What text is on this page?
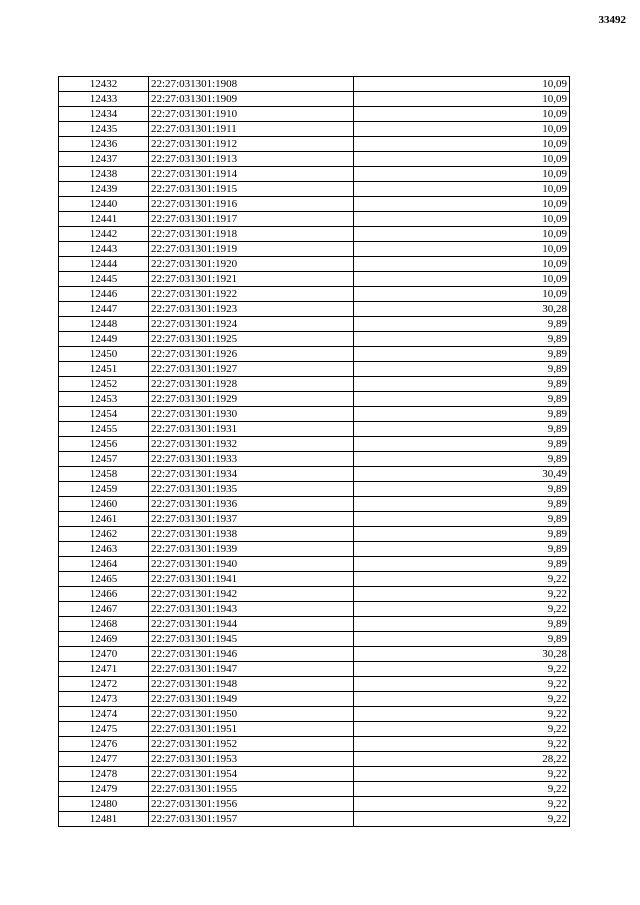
33492
12432	22:27:031301:1908	10,09
12433	22:27:031301:1909	10,09
12434	22:27:031301:1910	10,09
12435	22:27:031301:1911	10,09
12436	22:27:031301:1912	10,09
12437	22:27:031301:1913	10,09
12438	22:27:031301:1914	10,09
12439	22:27:031301:1915	10,09
12440	22:27:031301:1916	10,09
12441	22:27:031301:1917	10,09
12442	22:27:031301:1918	10,09
12443	22:27:031301:1919	10,09
12444	22:27:031301:1920	10,09
12445	22:27:031301:1921	10,09
12446	22:27:031301:1922	10,09
12447	22:27:031301:1923	30,28
12448	22:27:031301:1924	9,89
12449	22:27:031301:1925	9,89
12450	22:27:031301:1926	9,89
12451	22:27:031301:1927	9,89
12452	22:27:031301:1928	9,89
12453	22:27:031301:1929	9,89
12454	22:27:031301:1930	9,89
12455	22:27:031301:1931	9,89
12456	22:27:031301:1932	9,89
12457	22:27:031301:1933	9,89
12458	22:27:031301:1934	30,49
12459	22:27:031301:1935	9,89
12460	22:27:031301:1936	9,89
12461	22:27:031301:1937	9,89
12462	22:27:031301:1938	9,89
12463	22:27:031301:1939	9,89
12464	22:27:031301:1940	9,89
12465	22:27:031301:1941	9,22
12466	22:27:031301:1942	9,22
12467	22:27:031301:1943	9,22
12468	22:27:031301:1944	9,89
12469	22:27:031301:1945	9,89
12470	22:27:031301:1946	30,28
12471	22:27:031301:1947	9,22
12472	22:27:031301:1948	9,22
12473	22:27:031301:1949	9,22
12474	22:27:031301:1950	9,22
12475	22:27:031301:1951	9,22
12476	22:27:031301:1952	9,22
12477	22:27:031301:1953	28,22
12478	22:27:031301:1954	9,22
12479	22:27:031301:1955	9,22
12480	22:27:031301:1956	9,22
12481	22:27:031301:1957	9,22
